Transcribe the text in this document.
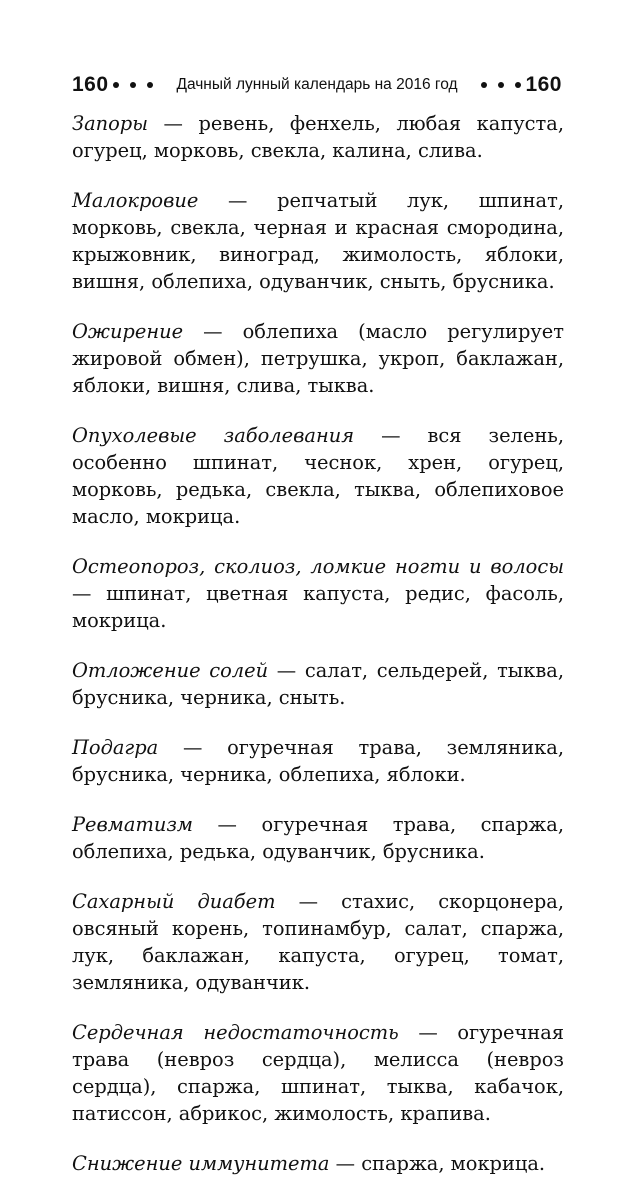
160	Дачный лунный календарь на 2016 год	160

Запоры — ревень, фенхель, любая капуста, огурец, морковь, свекла, калина, слива.

Малокровие — репчатый лук, шпинат, морковь, свекла, черная и красная смородина, крыжовник, виноград, жимолость, яблоки, вишня, облепиха, одуванчик, сныть, брусника.

Ожирение — облепиха (масло регулирует жировой обмен), петрушка, укроп, баклажан, яблоки, вишня, слива, тыква.

Опухолевые заболевания — вся зелень, особенно шпинат, чеснок, хрен, огурец, морковь, редька, свекла, тыква, облепиховое масло, мокрица.

Остеопороз, сколиоз, ломкие ногти и волосы — шпинат, цветная капуста, редис, фасоль, мокрица.

Отложение солей — салат, сельдерей, тыква, брусника, черника, сныть.

Подагра — огуречная трава, земляника, брусника, черника, облепиха, яблоки.

Ревматизм — огуречная трава, спаржа, облепиха, редька, одуванчик, брусника.

Сахарный диабет — стахис, скорцонера, овсяный корень, топинамбур, салат, спаржа, лук, баклажан, капуста, огурец, томат, земляника, одуванчик.

Сердечная недостаточность — огуречная трава (невроз сердца), мелисса (невроз сердца), спаржа, шпинат, тыква, кабачок, патиссон, абрикос, жимолость, крапива.

Снижение иммунитета — спаржа, мокрица.
